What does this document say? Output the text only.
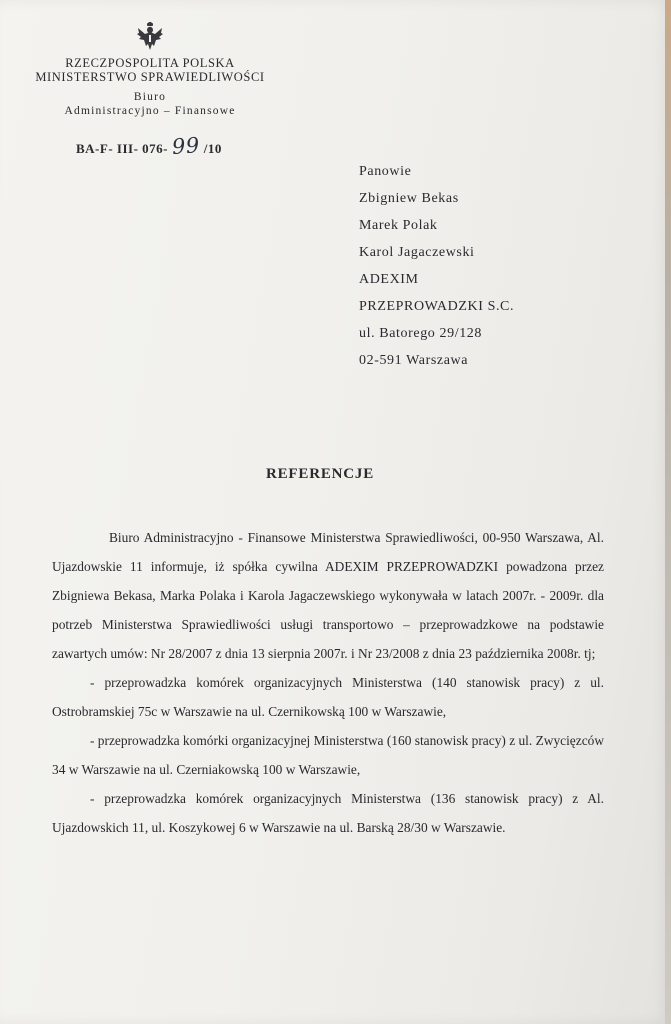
RZECZPOSPOLITA POLSKA
MINISTERSTWO SPRAWIEDLIWOŚCI
Biuro
Administracyjno – Finansowe
BA-F- III- 076- 99 /10
Panowie
Zbigniew Bekas
Marek Polak
Karol Jagaczewski
ADEXIM
PRZEPROWADZKI S.C.
ul. Batorego 29/128
02-591 Warszawa
REFERENCJE

Biuro Administracyjno - Finansowe Ministerstwa Sprawiedliwości, 00-950 Warszawa, Al. Ujazdowskie 11 informuje, iż spółka cywilna ADEXIM PRZEPROWADZKI powadzona przez Zbigniewa Bekasa, Marka Polaka i Karola Jagaczewskiego wykonywała w latach 2007r. - 2009r. dla potrzeb Ministerstwa Sprawiedliwości usługi transportowo – przeprowadzkowe na podstawie zawartych umów: Nr 28/2007 z dnia 13 sierpnia 2007r. i Nr 23/2008 z dnia 23 października 2008r. tj;

- przeprowadzka komórek organizacyjnych Ministerstwa (140 stanowisk pracy) z ul. Ostrobramskiej 75c w Warszawie na ul. Czernikowską 100 w Warszawie,

- przeprowadzka komórki organizacyjnej Ministerstwa (160 stanowisk pracy) z ul. Zwycięzców 34 w Warszawie na ul. Czerniakowską 100 w Warszawie,

- przeprowadzka komórek organizacyjnych Ministerstwa (136 stanowisk pracy) z Al. Ujazdowskich 11, ul. Koszykowej 6 w Warszawie na ul. Barską 28/30 w Warszawie.
